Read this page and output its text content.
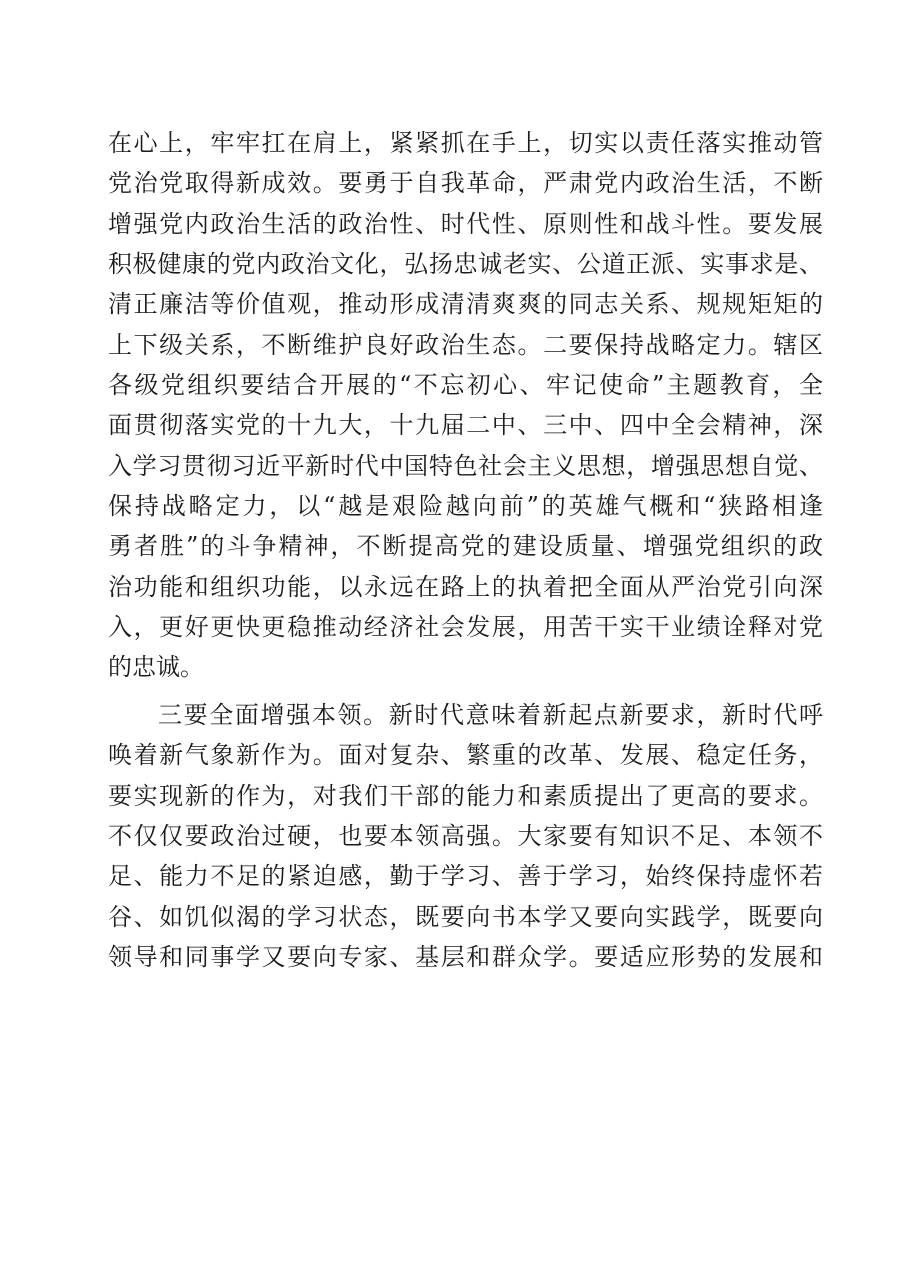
在心上，牢牢扛在肩上，紧紧抓在手上，切实以责任落实推动管
党治党取得新成效。要勇于自我革命，严肃党内政治生活，不断
增强党内政治生活的政治性、时代性、原则性和战斗性。要发展
积极健康的党内政治文化，弘扬忠诚老实、公道正派、实事求是、
清正廉洁等价值观，推动形成清清爽爽的同志关系、规规矩矩的
上下级关系，不断维护良好政治生态。二要保持战略定力。辖区
各级党组织要结合开展的“不忘初心、牢记使命”主题教育，全
面贯彻落实党的十九大，十九届二中、三中、四中全会精神，深
入学习贯彻习近平新时代中国特色社会主义思想，增强思想自觉、
保持战略定力，以“越是艰险越向前”的英雄气概和“狭路相逢
勇者胜”的斗争精神，不断提高党的建设质量、增强党组织的政
治功能和组织功能，以永远在路上的执着把全面从严治党引向深
入，更好更快更稳推动经济社会发展，用苦干实干业绩诠释对党
的忠诚。
三要全面增强本领。新时代意味着新起点新要求，新时代呼
唤着新气象新作为。面对复杂、繁重的改革、发展、稳定任务，
要实现新的作为，对我们干部的能力和素质提出了更高的要求。
不仅仅要政治过硬，也要本领高强。大家要有知识不足、本领不
足、能力不足的紧迫感，勤于学习、善于学习，始终保持虚怀若
谷、如饥似渴的学习状态，既要向书本学又要向实践学，既要向
领导和同事学又要向专家、基层和群众学。要适应形势的发展和
